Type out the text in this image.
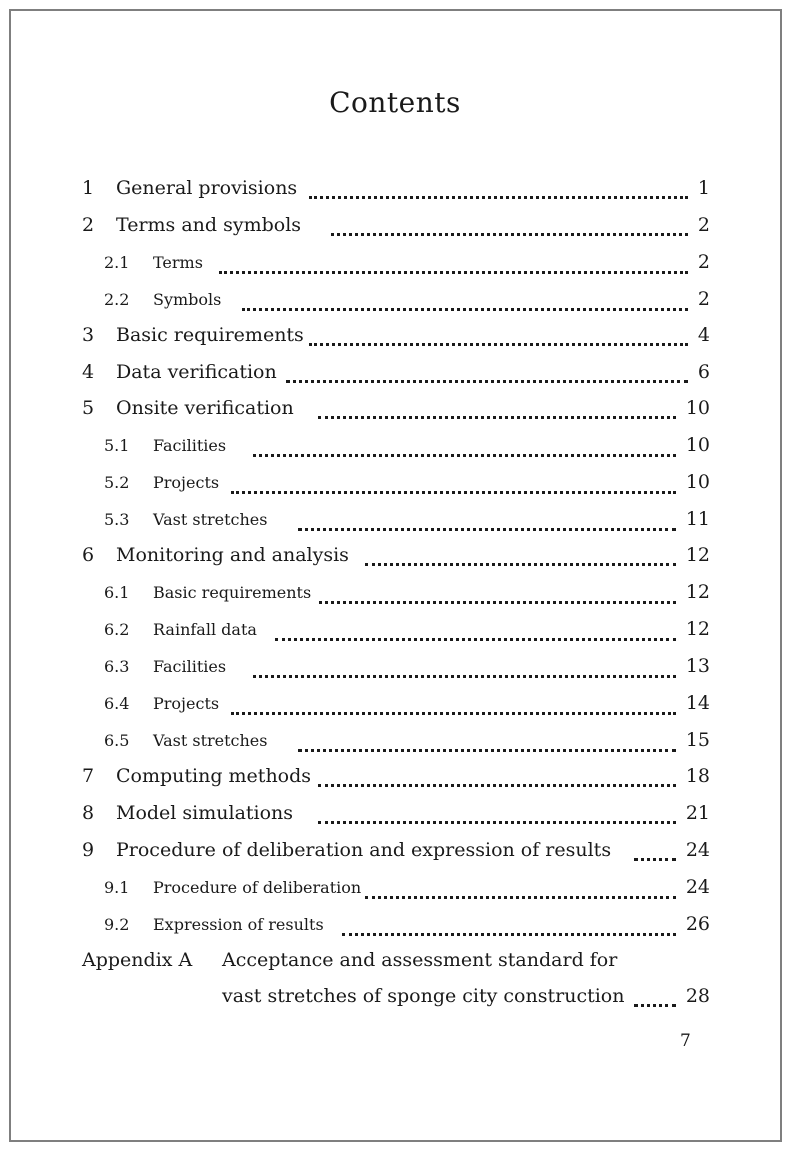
Contents
1 General provisions	1
2 Terms and symbols	2
2.1 Terms	2
2.2 Symbols	2
3 Basic requirements	4
4 Data verification	6
5 Onsite verification	10
5.1 Facilities	10
5.2 Projects	10
5.3 Vast stretches	11
6 Monitoring and analysis	12
6.1 Basic requirements	12
6.2 Rainfall data	12
6.3 Facilities	13
6.4 Projects	14
6.5 Vast stretches	15
7 Computing methods	18
8 Model simulations	21
9 Procedure of deliberation and expression of results	24
9.1 Procedure of deliberation	24
9.2 Expression of results	26
Appendix A Acceptance and assessment standard for
vast stretches of sponge city construction	28
7
